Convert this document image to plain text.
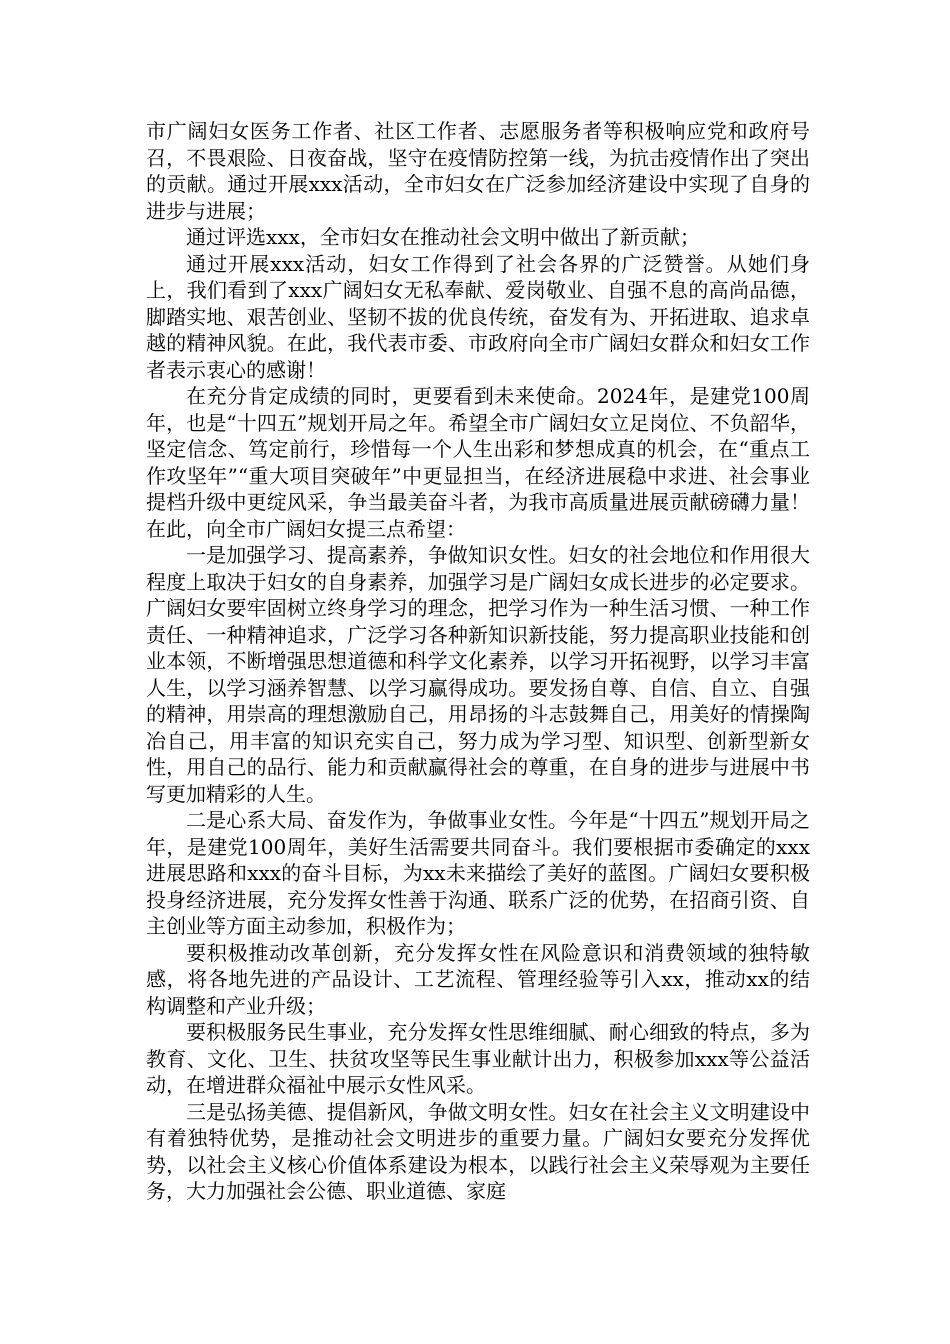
市广阔妇女医务工作者、社区工作者、志愿服务者等积极响应党和政府号召，不畏艰险、日夜奋战，坚守在疫情防控第一线，为抗击疫情作出了突出的贡献。通过开展xxx活动，全市妇女在广泛参加经济建设中实现了自身的进步与进展；

通过评选xxx，全市妇女在推动社会文明中做出了新贡献；

通过开展xxx活动，妇女工作得到了社会各界的广泛赞誉。从她们身上，我们看到了xxx广阔妇女无私奉献、爱岗敬业、自强不息的高尚品德，脚踏实地、艰苦创业、坚韧不拔的优良传统，奋发有为、开拓进取、追求卓越的精神风貌。在此，我代表市委、市政府向全市广阔妇女群众和妇女工作者表示衷心的感谢！

在充分肯定成绩的同时，更要看到未来使命。2024年，是建党100周年，也是“十四五”规划开局之年。希望全市广阔妇女立足岗位、不负韶华，坚定信念、笃定前行，珍惜每一个人生出彩和梦想成真的机会，在“重点工作攻坚年”“重大项目突破年”中更显担当，在经济进展稳中求进、社会事业提档升级中更绽风采，争当最美奋斗者，为我市高质量进展贡献磅礴力量！在此，向全市广阔妇女提三点希望：

一是加强学习、提高素养，争做知识女性。妇女的社会地位和作用很大程度上取决于妇女的自身素养，加强学习是广阔妇女成长进步的必定要求。广阔妇女要牢固树立终身学习的理念，把学习作为一种生活习惯、一种工作责任、一种精神追求，广泛学习各种新知识新技能，努力提高职业技能和创业本领，不断增强思想道德和科学文化素养，以学习开拓视野，以学习丰富人生，以学习涵养智慧、以学习赢得成功。要发扬自尊、自信、自立、自强的精神，用崇高的理想激励自己，用昂扬的斗志鼓舞自己，用美好的情操陶冶自己，用丰富的知识充实自己，努力成为学习型、知识型、创新型新女性，用自己的品行、能力和贡献赢得社会的尊重，在自身的进步与进展中书写更加精彩的人生。

二是心系大局、奋发作为，争做事业女性。今年是“十四五”规划开局之年，是建党100周年，美好生活需要共同奋斗。我们要根据市委确定的xxx进展思路和xxx的奋斗目标，为xx未来描绘了美好的蓝图。广阔妇女要积极投身经济进展，充分发挥女性善于沟通、联系广泛的优势，在招商引资、自主创业等方面主动参加，积极作为；

要积极推动改革创新，充分发挥女性在风险意识和消费领域的独特敏感，将各地先进的产品设计、工艺流程、管理经验等引入xx，推动xx的结构调整和产业升级；

要积极服务民生事业，充分发挥女性思维细腻、耐心细致的特点，多为教育、文化、卫生、扶贫攻坚等民生事业献计出力，积极参加xxx等公益活动，在增进群众福祉中展示女性风采。

三是弘扬美德、提倡新风，争做文明女性。妇女在社会主义文明建设中有着独特优势，是推动社会文明进步的重要力量。广阔妇女要充分发挥优势，以社会主义核心价值体系建设为根本，以践行社会主义荣辱观为主要任务，大力加强社会公德、职业道德、家庭
